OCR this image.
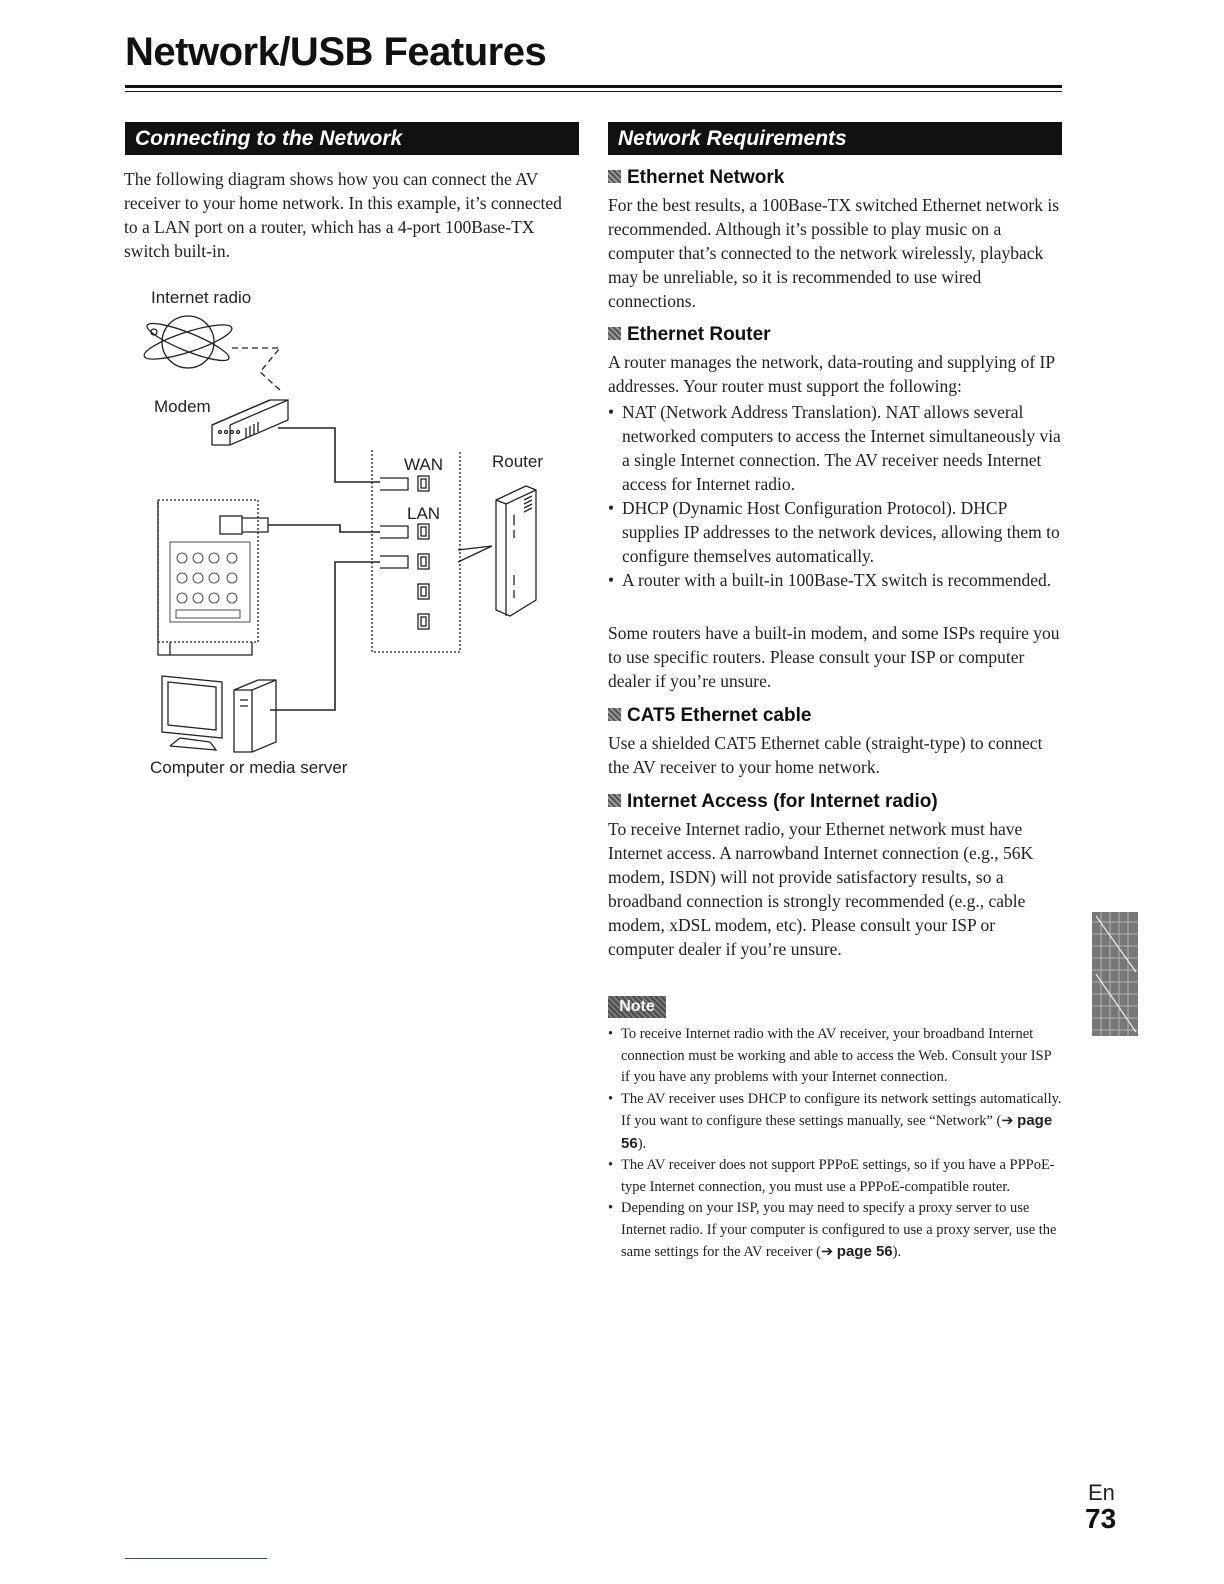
Network/USB Features
Connecting to the Network

The following diagram shows how you can connect the AV receiver to your home network. In this example, it’s connected to a LAN port on a router, which has a 4-port 100Base-TX switch built-in.

Internet radio
Modem
WAN
LAN
Router
Computer or media server
Network Requirements
Ethernet Network

For the best results, a 100Base-TX switched Ethernet network is recommended. Although it’s possible to play music on a computer that’s connected to the network wirelessly, playback may be unreliable, so it is recommended to use wired connections.

Ethernet Router

A router manages the network, data-routing and supplying of IP addresses. Your router must support the following:

• NAT (Network Address Translation). NAT allows several networked computers to access the Internet simultaneously via a single Internet connection. The AV receiver needs Internet access for Internet radio.
• DHCP (Dynamic Host Configuration Protocol). DHCP supplies IP addresses to the network devices, allowing them to configure themselves automatically.
• A router with a built-in 100Base-TX switch is recommended.

Some routers have a built-in modem, and some ISPs require you to use specific routers. Please consult your ISP or computer dealer if you’re unsure.

CAT5 Ethernet cable

Use a shielded CAT5 Ethernet cable (straight-type) to connect the AV receiver to your home network.

Internet Access (for Internet radio)

To receive Internet radio, your Ethernet network must have Internet access. A narrowband Internet connection (e.g., 56K modem, ISDN) will not provide satisfactory results, so a broadband connection is strongly recommended (e.g., cable modem, xDSL modem, etc). Please consult your ISP or computer dealer if you’re unsure.

Note
• To receive Internet radio with the AV receiver, your broadband Internet connection must be working and able to access the Web. Consult your ISP if you have any problems with your Internet connection.
• The AV receiver uses DHCP to configure its network settings automatically. If you want to configure these settings manually, see “Network” (➔ page 56).
• The AV receiver does not support PPPoE settings, so if you have a PPPoE-type Internet connection, you must use a PPPoE-compatible router.
• Depending on your ISP, you may need to specify a proxy server to use Internet radio. If your computer is configured to use a proxy server, use the same settings for the AV receiver (➔ page 56).
En
73
